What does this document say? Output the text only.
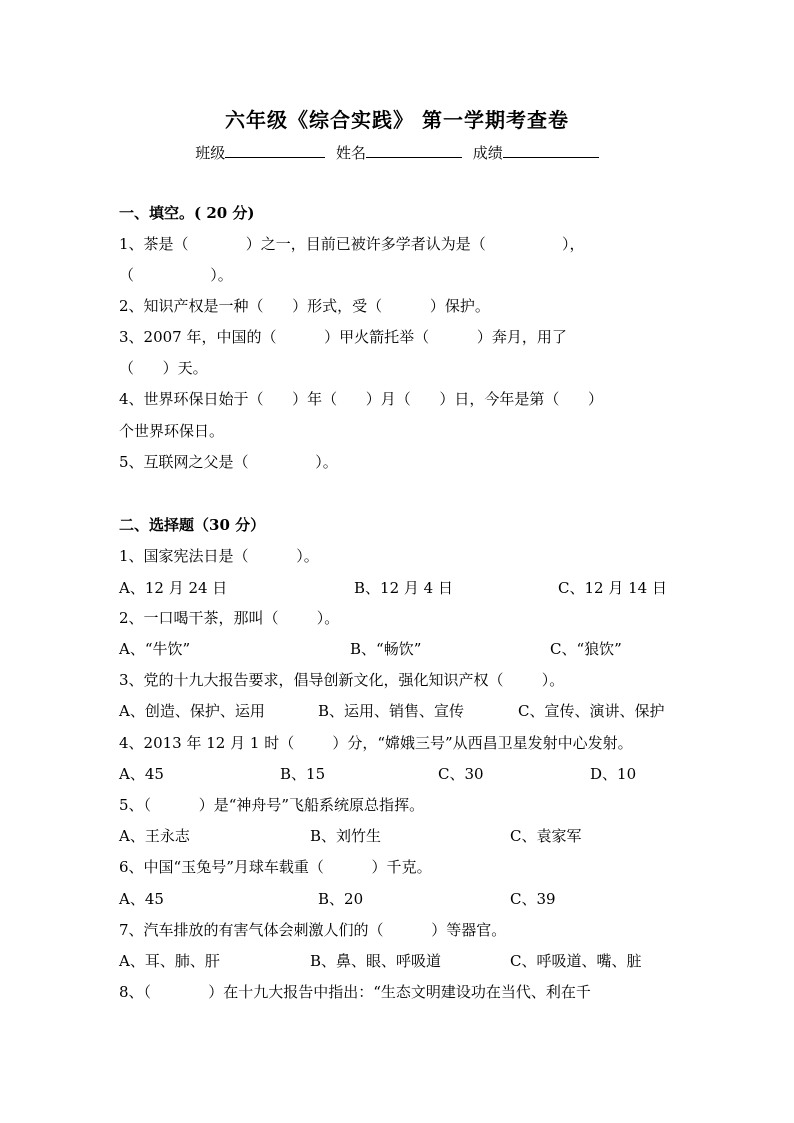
六年级《综合实践》 第一学期考查卷
班级	姓名	成绩
一、填空。( 20 分)
1、茶是（            ）之一，目前已被许多学者认为是（                ），
（                ）。
2、知识产权是一种（      ）形式，受（          ）保护。
3、2007 年，中国的（          ）甲火箭托举（          ）奔月，用了
（      ）天。
4、世界环保日始于（      ）年（      ）月（      ）日，今年是第（      ）
个世界环保日。
5、互联网之父是（              ）。
二、选择题（30 分）
1、国家宪法日是（          ）。
A、12 月 24 日	B、12 月 4 日	C、12 月 14 日
2、一口喝干茶，那叫（        ）。
A、“牛饮”	B、“畅饮”	C、“狼饮”
3、党的十九大报告要求，倡导创新文化，强化知识产权（        ）。
A、创造、保护、运用	B、运用、销售、宣传	C、宣传、演讲、保护
4、2013 年 12 月 1 时（        ）分，“嫦娥三号”从西昌卫星发射中心发射。
A、45	B、15	C、30	D、10
5、（          ）是“神舟号”飞船系统原总指挥。
A、王永志	B、刘竹生	C、袁家军
6、中国“玉兔号”月球车载重（          ）千克。
A、45	B、20	C、39
7、汽车排放的有害气体会刺激人们的（          ）等器官。
A、耳、肺、肝	B、鼻、眼、呼吸道	C、呼吸道、嘴、脏
8、（            ）在十九大报告中指出：“生态文明建设功在当代、利在千
